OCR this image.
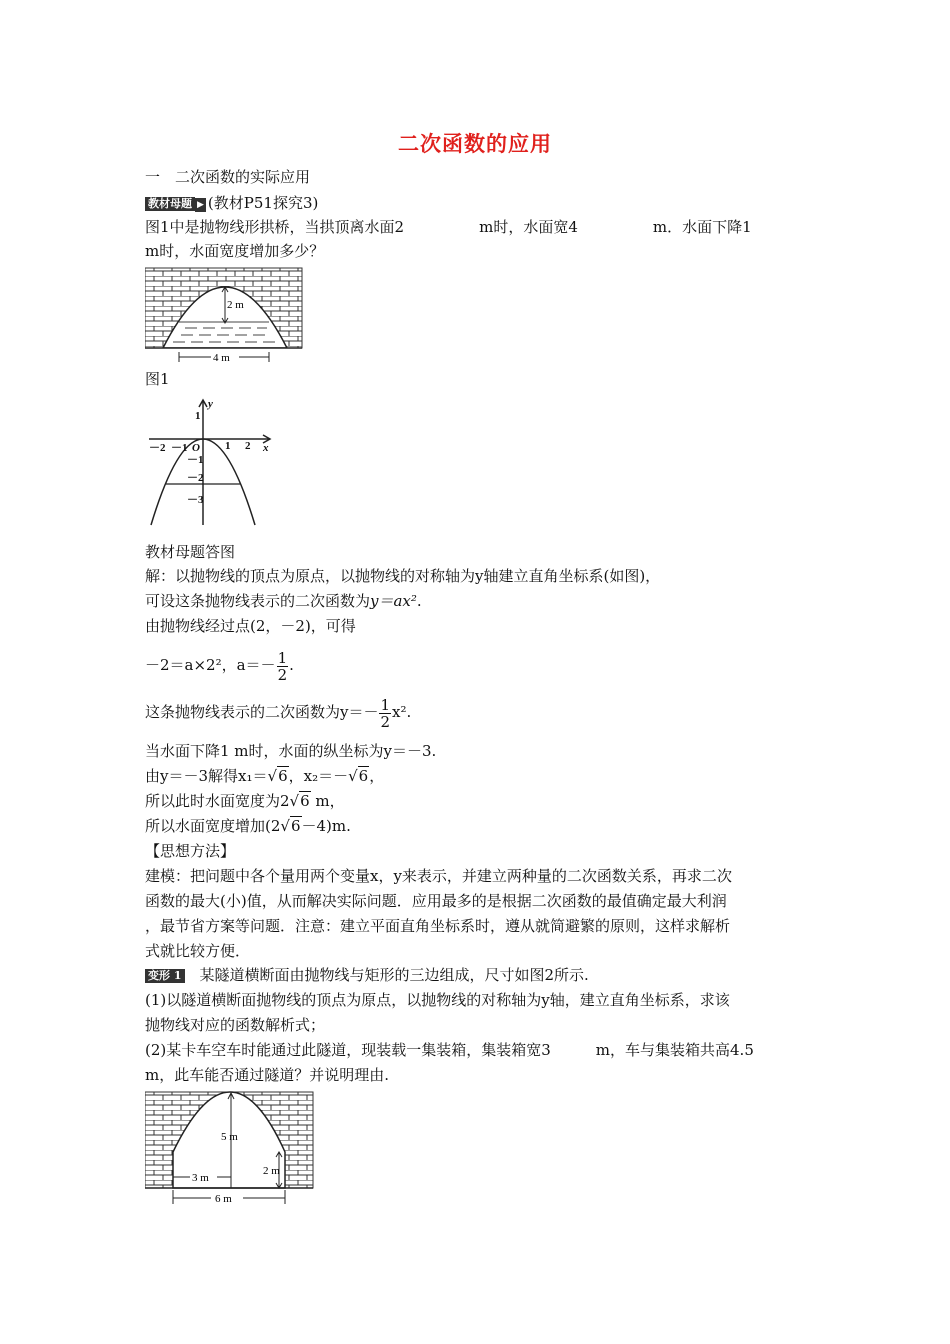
二次函数的应用
一　二次函数的实际应用
教材母题 ▶ (教材P51探究3)
图1中是抛物线形拱桥，当拱顶离水面2　　　　　m时，水面宽4　　　　　m．水面下降1
m时，水面宽度增加多少？
2 m
4 m
图1
－2 －1 O 1 2 x
y
1
－1
－2
－3
教材母题答图
解：以抛物线的顶点为原点，以抛物线的对称轴为y轴建立直角坐标系(如图)，
可设这条抛物线表示的二次函数为y＝ax².
由抛物线经过点(2，－2)，可得
－2＝a×2²，$a=- \frac{1}{2}$ .
这条抛物线表示的二次函数为$y=- \frac{1}{2} x^2$.
当水面下降1 m时，水面的纵坐标为y＝－3.
由y＝－3解得x₁＝√6，x₂＝－√6，
所以此时水面宽度为2√6 m，
所以水面宽度增加(2√6－4)m.
【思想方法】
建模：把问题中各个量用两个变量x，y来表示，并建立两种量的二次函数关系，再求二次
函数的最大(小)值，从而解决实际问题．应用最多的是根据二次函数的最值确定最大利润
，最节省方案等问题．注意：建立平面直角坐标系时，遵从就简避繁的原则，这样求解析
式就比较方便．
变形 1　某隧道横断面由抛物线与矩形的三边组成，尺寸如图2所示.
(1)以隧道横断面抛物线的顶点为原点，以抛物线的对称轴为y轴，建立直角坐标系，求该
抛物线对应的函数解析式；
(2)某卡车空车时能通过此隧道，现装载一集装箱，集装箱宽3　　　m，车与集装箱共高4.5
m，此车能否通过隧道？并说明理由.
5 m
2 m
3 m
6 m
